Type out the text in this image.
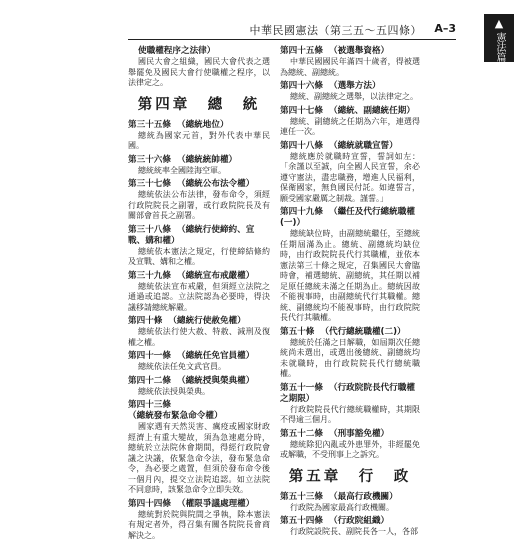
中華民國憲法（第三五～五四條） A–3	▲
憲法篇
使職權程序之法律）
國民大會之組織，國民大會代表之選舉罷免及國民大會行使職權之程序，以法律定之。
第四章　總　統
第三十五條 （總統地位）
總統為國家元首，對外代表中華民國。
第三十六條 （總統統帥權）
總統統率全國陸海空軍。
第三十七條 （總統公布法令權）
總統依法公布法律，發布命令，須經行政院院長之副署，或行政院院長及有關部會首長之副署。
第三十八條 （總統行使締約、宣戰、媾和權）
總統依本憲法之規定，行使締結條約及宣戰、媾和之權。
第三十九條 （總統宣布戒嚴權）
總統依法宣布戒嚴，但須經立法院之通過或追認。立法院認為必要時，得決議移請總統解嚴。
第四十條 （總統行使赦免權）
總統依法行使大赦、特赦、減刑及復權之權。
第四十一條 （總統任免官員權）
總統依法任免文武官員。
第四十二條 （總統授與榮典權）
總統依法授與榮典。
第四十三條（總統發布緊急命令權）
國家遇有天然災害、癘疫或國家財政經濟上有重大變故，須為急速處分時，總統於立法院休會期間，得經行政院會議之決議，依緊急命令法，發布緊急命令，為必要之處置，但須於發布命令後一個月內，提交立法院追認。如立法院不同意時，該緊急命令立即失效。
第四十四條 （權限爭議處理權）
總統對於院與院間之爭執，除本憲法有規定者外，得召集有關各院院長會商解決之。
第四十五條 （被選舉資格）
中華民國國民年滿四十歲者，得被選為總統、副總統。
第四十六條 （選舉方法）
總統、副總統之選舉，以法律定之。
第四十七條 （總統、副總統任期）
總統、副總統之任期為六年，連選得連任一次。
第四十八條 （總統就職宣誓）
總統應於就職時宣誓，誓詞如左：「余謹以至誠，向全國人民宣誓，余必遵守憲法，盡忠職務，增進人民福利，保衛國家，無負國民付託。如違誓言，願受國家嚴厲之制裁。謹誓。」
第四十九條 （繼任及代行總統職權(一)）
總統缺位時，由副總統繼任，至總統任期屆滿為止。總統、副總統均缺位時，由行政院院長代行其職權，並依本憲法第三十條之規定，召集國民大會臨時會，補選總統、副總統，其任期以補足原任總統未滿之任期為止。總統因故不能視事時，由副總統代行其職權。總統、副總統均不能視事時，由行政院院長代行其職權。
第五十條 （代行總統職權(二)）
總統於任滿之日解職，如屆期次任總統尚未選出，或選出後總統、副總統均未就職時，由行政院院長代行總統職權。
第五十一條 （行政院院長代行職權之期限）
行政院院長代行總統職權時，其期限不得逾三個月。
第五十二條 （刑事豁免權）
總統除犯內亂或外患罪外，非經罷免或解職，不受刑事上之訴究。
第五章　行　政
第五十三條 （最高行政機關）
行政院為國家最高行政機關。
第五十四條 （行政院組織）
行政院設院長、副院長各一人，各部
